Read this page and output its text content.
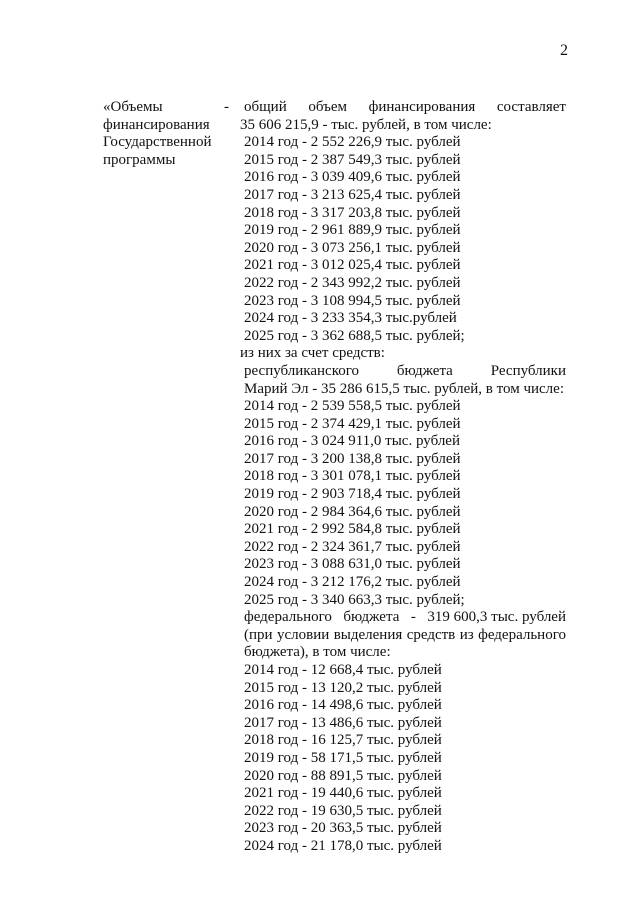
2
«Объемы
финансирования
Государственной
программы
- общий объем финансирования составляет
35 606 215,9 - тыс. рублей, в том числе:
2014 год - 2 552 226,9 тыс. рублей
2015 год - 2 387 549,3 тыс. рублей
2016 год - 3 039 409,6 тыс. рублей
2017 год - 3 213 625,4 тыс. рублей
2018 год - 3 317 203,8 тыс. рублей
2019 год - 2 961 889,9 тыс. рублей
2020 год - 3 073 256,1 тыс. рублей
2021 год - 3 012 025,4 тыс. рублей
2022 год - 2 343 992,2 тыс. рублей
2023 год - 3 108 994,5 тыс. рублей
2024 год - 3 233 354,3 тыс.рублей
2025 год - 3 362 688,5 тыс. рублей;
из них за счет средств:
республиканского	бюджета	Республики
Марий Эл - 35 286 615,5 тыс. рублей, в том числе:
2014 год - 2 539 558,5 тыс. рублей
2015 год - 2 374 429,1 тыс. рублей
2016 год - 3 024 911,0 тыс. рублей
2017 год - 3 200 138,8 тыс. рублей
2018 год - 3 301 078,1 тыс. рублей
2019 год - 2 903 718,4 тыс. рублей
2020 год - 2 984 364,6 тыс. рублей
2021 год - 2 992 584,8 тыс. рублей
2022 год - 2 324 361,7 тыс. рублей
2023 год - 3 088 631,0 тыс. рублей
2024 год - 3 212 176,2 тыс. рублей
2025 год - 3 340 663,3 тыс. рублей;
федерального бюджета - 319 600,3 тыс. рублей
(при условии выделения средств из федерального
бюджета), в том числе:
2014 год - 12 668,4 тыс. рублей
2015 год - 13 120,2 тыс. рублей
2016 год - 14 498,6 тыс. рублей
2017 год - 13 486,6 тыс. рублей
2018 год - 16 125,7 тыс. рублей
2019 год - 58 171,5 тыс. рублей
2020 год - 88 891,5 тыс. рублей
2021 год - 19 440,6 тыс. рублей
2022 год - 19 630,5 тыс. рублей
2023 год - 20 363,5 тыс. рублей
2024 год - 21 178,0 тыс. рублей
